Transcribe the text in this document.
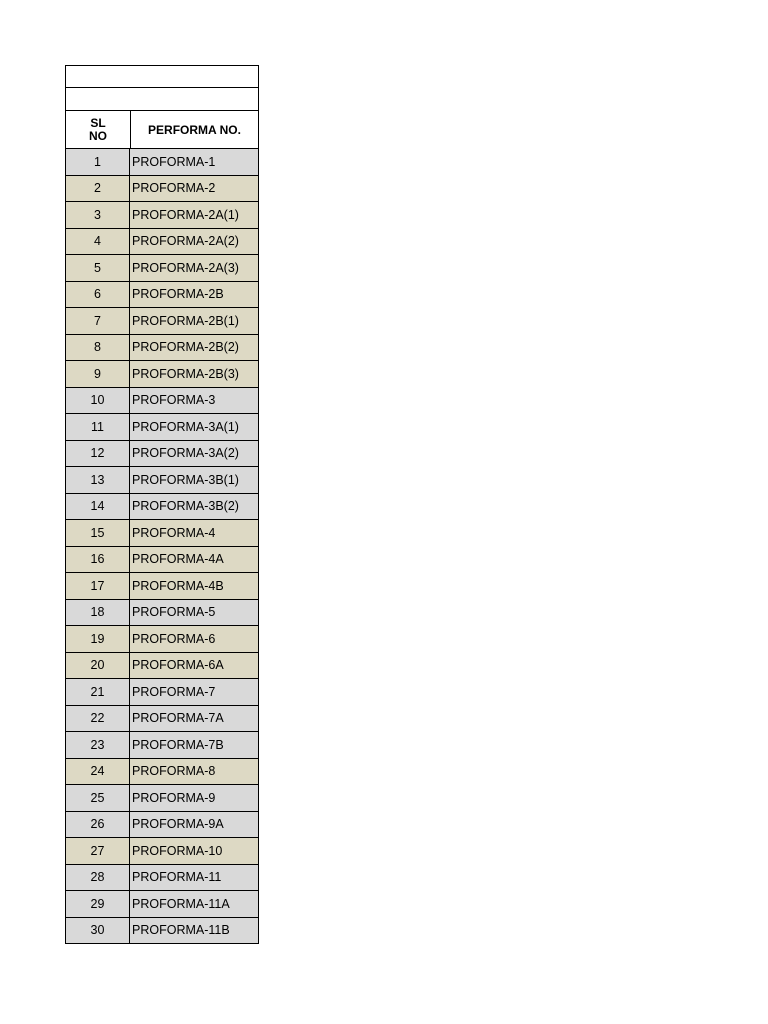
SL
NO	PERFORMA NO.
1	PROFORMA-1
2	PROFORMA-2
3	PROFORMA-2A(1)
4	PROFORMA-2A(2)
5	PROFORMA-2A(3)
6	PROFORMA-2B
7	PROFORMA-2B(1)
8	PROFORMA-2B(2)
9	PROFORMA-2B(3)
10	PROFORMA-3
11	PROFORMA-3A(1)
12	PROFORMA-3A(2)
13	PROFORMA-3B(1)
14	PROFORMA-3B(2)
15	PROFORMA-4
16	PROFORMA-4A
17	PROFORMA-4B
18	PROFORMA-5
19	PROFORMA-6
20	PROFORMA-6A
21	PROFORMA-7
22	PROFORMA-7A
23	PROFORMA-7B
24	PROFORMA-8
25	PROFORMA-9
26	PROFORMA-9A
27	PROFORMA-10
28	PROFORMA-11
29	PROFORMA-11A
30	PROFORMA-11B
